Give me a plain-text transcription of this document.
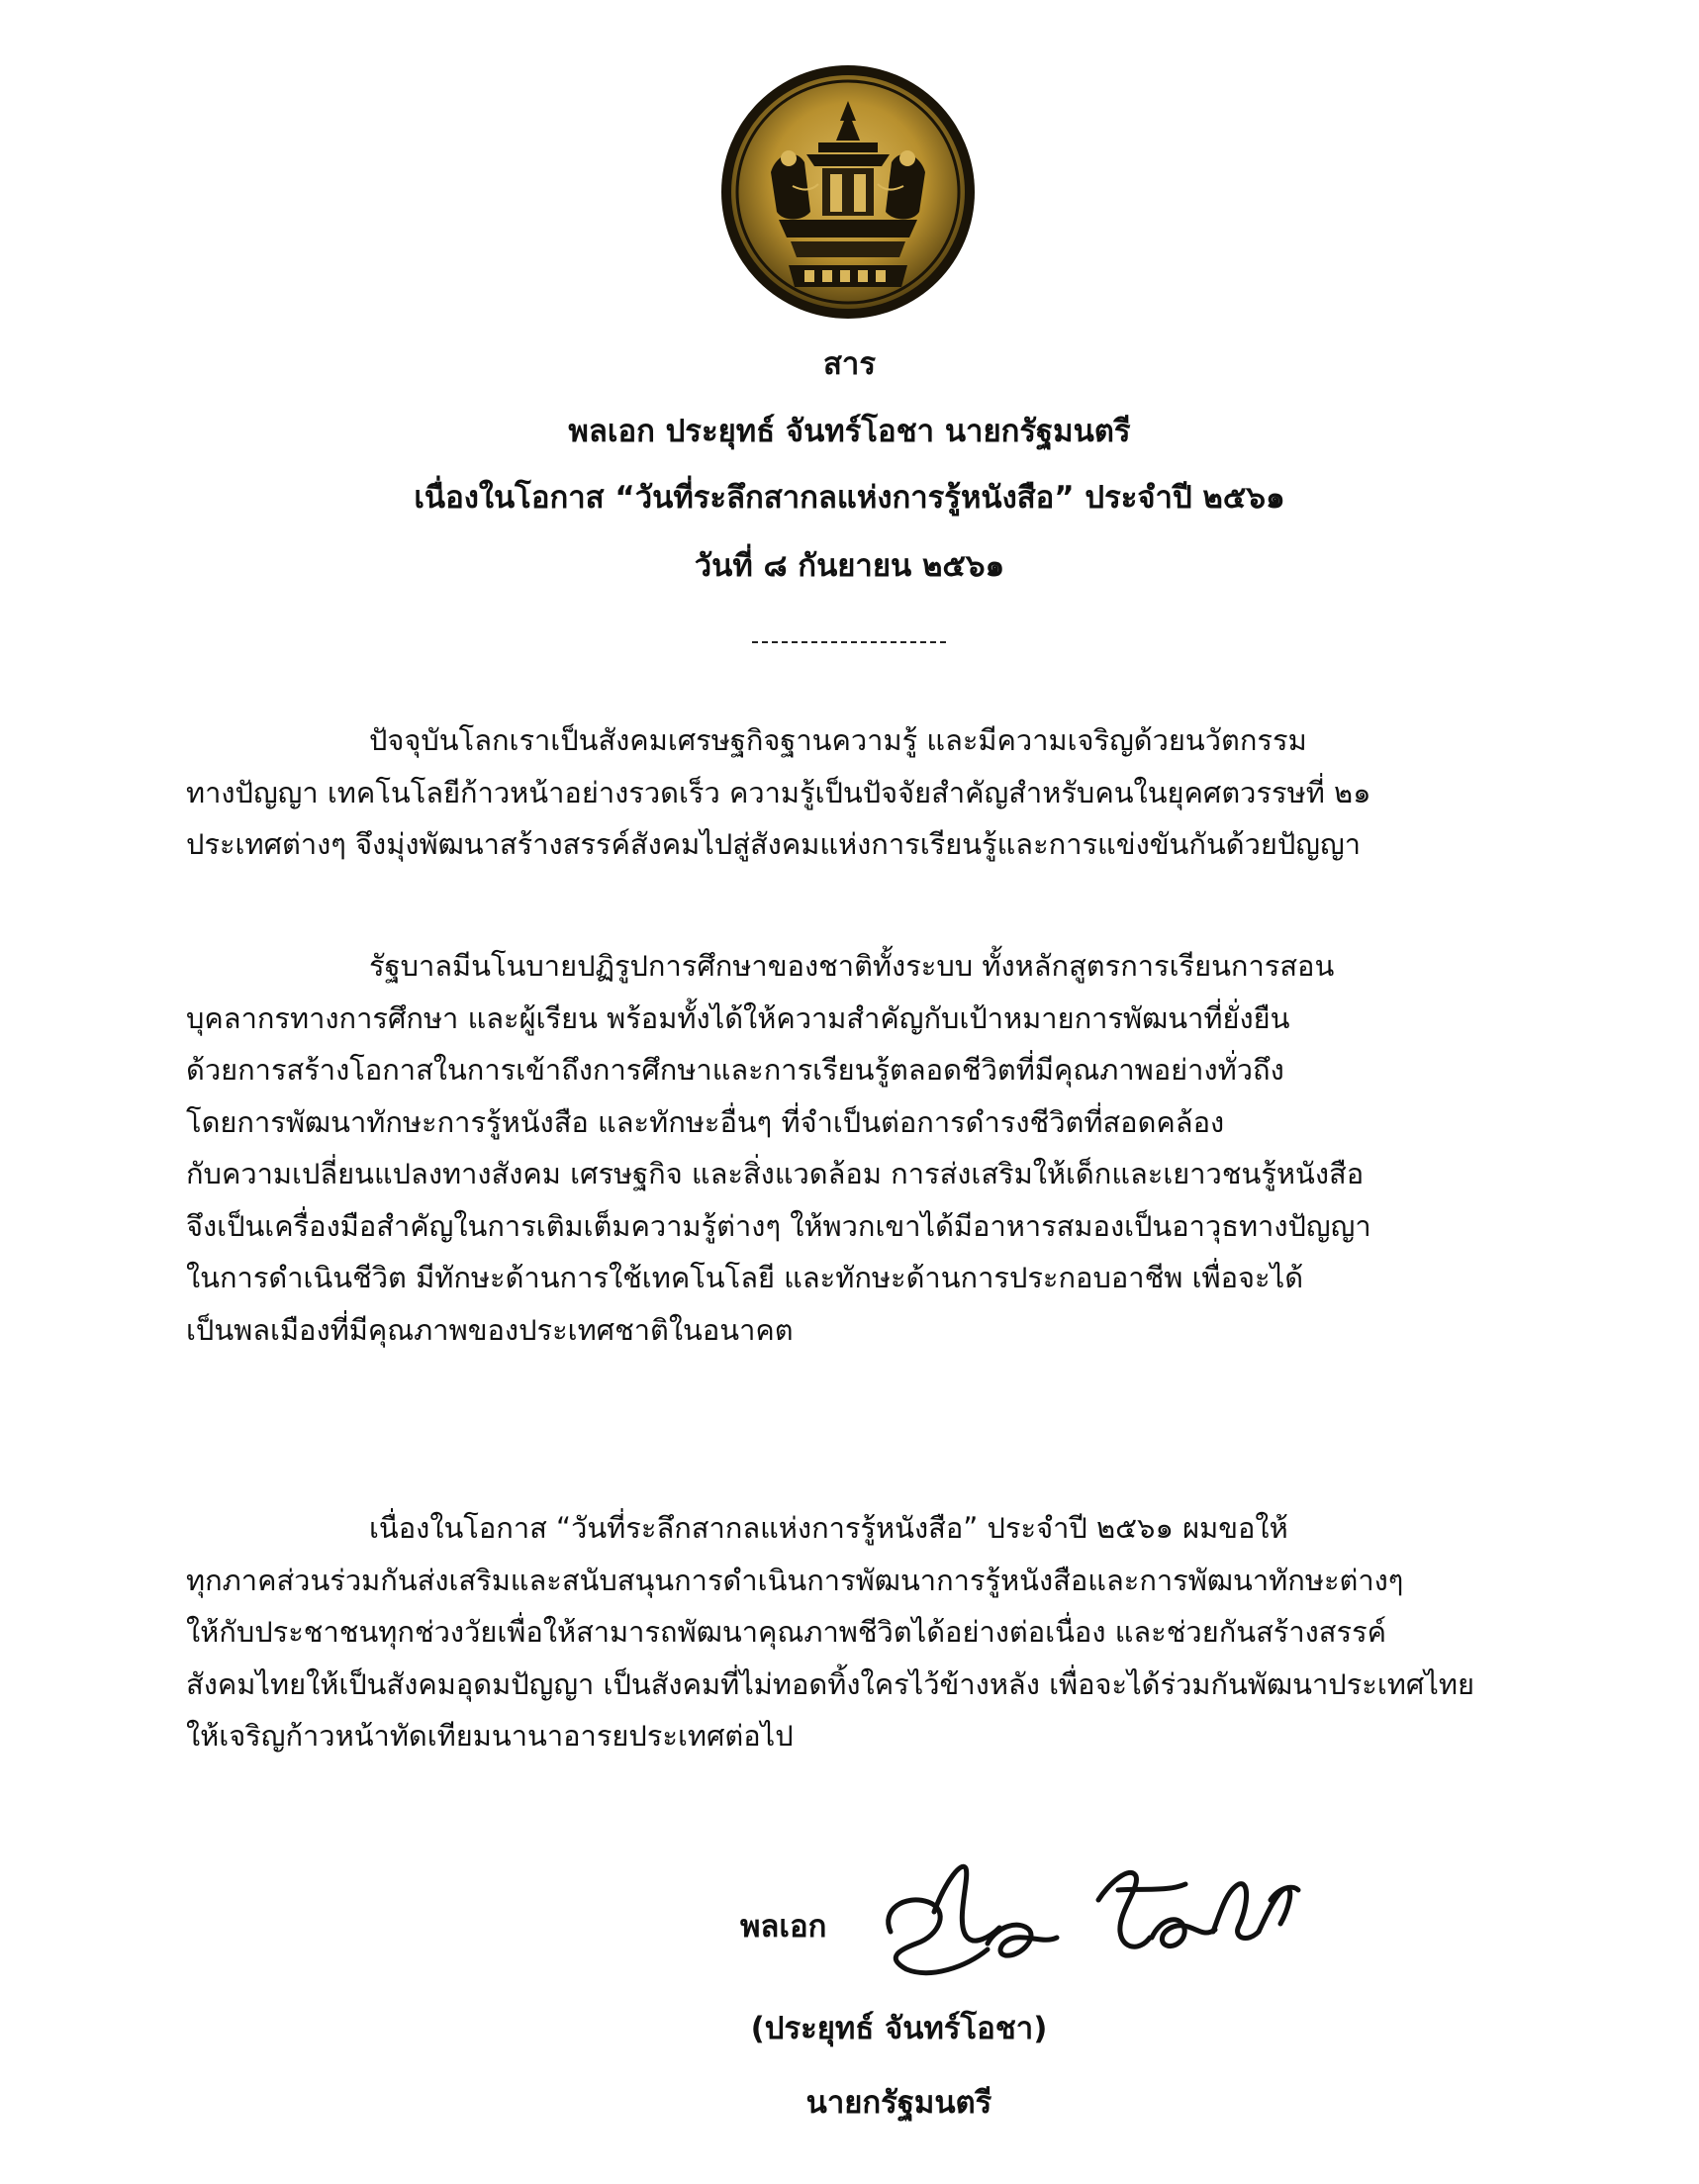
สาร
พลเอก ประยุทธ์ จันทร์โอชา นายกรัฐมนตรี
เนื่องในโอกาส “วันที่ระลึกสากลแห่งการรู้หนังสือ” ประจำปี ๒๕๖๑
วันที่ ๘ กันยายน ๒๕๖๑
ปัจจุบันโลกเราเป็นสังคมเศรษฐกิจฐานความรู้ และมีความเจริญด้วยนวัตกรรม
ทางปัญญา เทคโนโลยีก้าวหน้าอย่างรวดเร็ว ความรู้เป็นปัจจัยสำคัญสำหรับคนในยุคศตวรรษที่ ๒๑
ประเทศต่างๆ จึงมุ่งพัฒนาสร้างสรรค์สังคมไปสู่สังคมแห่งการเรียนรู้และการแข่งขันกันด้วยปัญญา
รัฐบาลมีนโนบายปฏิรูปการศึกษาของชาติทั้งระบบ ทั้งหลักสูตรการเรียนการสอน
บุคลากรทางการศึกษา และผู้เรียน พร้อมทั้งได้ให้ความสำคัญกับเป้าหมายการพัฒนาที่ยั่งยืน
ด้วยการสร้างโอกาสในการเข้าถึงการศึกษาและการเรียนรู้ตลอดชีวิตที่มีคุณภาพอย่างทั่วถึง
โดยการพัฒนาทักษะการรู้หนังสือ และทักษะอื่นๆ ที่จำเป็นต่อการดำรงชีวิตที่สอดคล้อง
กับความเปลี่ยนแปลงทางสังคม เศรษฐกิจ และสิ่งแวดล้อม การส่งเสริมให้เด็กและเยาวชนรู้หนังสือ
จึงเป็นเครื่องมือสำคัญในการเติมเต็มความรู้ต่างๆ ให้พวกเขาได้มีอาหารสมองเป็นอาวุธทางปัญญา
ในการดำเนินชีวิต มีทักษะด้านการใช้เทคโนโลยี และทักษะด้านการประกอบอาชีพ เพื่อจะได้
เป็นพลเมืองที่มีคุณภาพของประเทศชาติในอนาคต
เนื่องในโอกาส “วันที่ระลึกสากลแห่งการรู้หนังสือ” ประจำปี ๒๕๖๑ ผมขอให้
ทุกภาคส่วนร่วมกันส่งเสริมและสนับสนุนการดำเนินการพัฒนาการรู้หนังสือและการพัฒนาทักษะต่างๆ
ให้กับประชาชนทุกช่วงวัยเพื่อให้สามารถพัฒนาคุณภาพชีวิตได้อย่างต่อเนื่อง และช่วยกันสร้างสรรค์
สังคมไทยให้เป็นสังคมอุดมปัญญา เป็นสังคมที่ไม่ทอดทิ้งใครไว้ข้างหลัง เพื่อจะได้ร่วมกันพัฒนาประเทศไทย
ให้เจริญก้าวหน้าทัดเทียมนานาอารยประเทศต่อไป
พลเอก
(ประยุทธ์ จันทร์โอชา)
นายกรัฐมนตรี
